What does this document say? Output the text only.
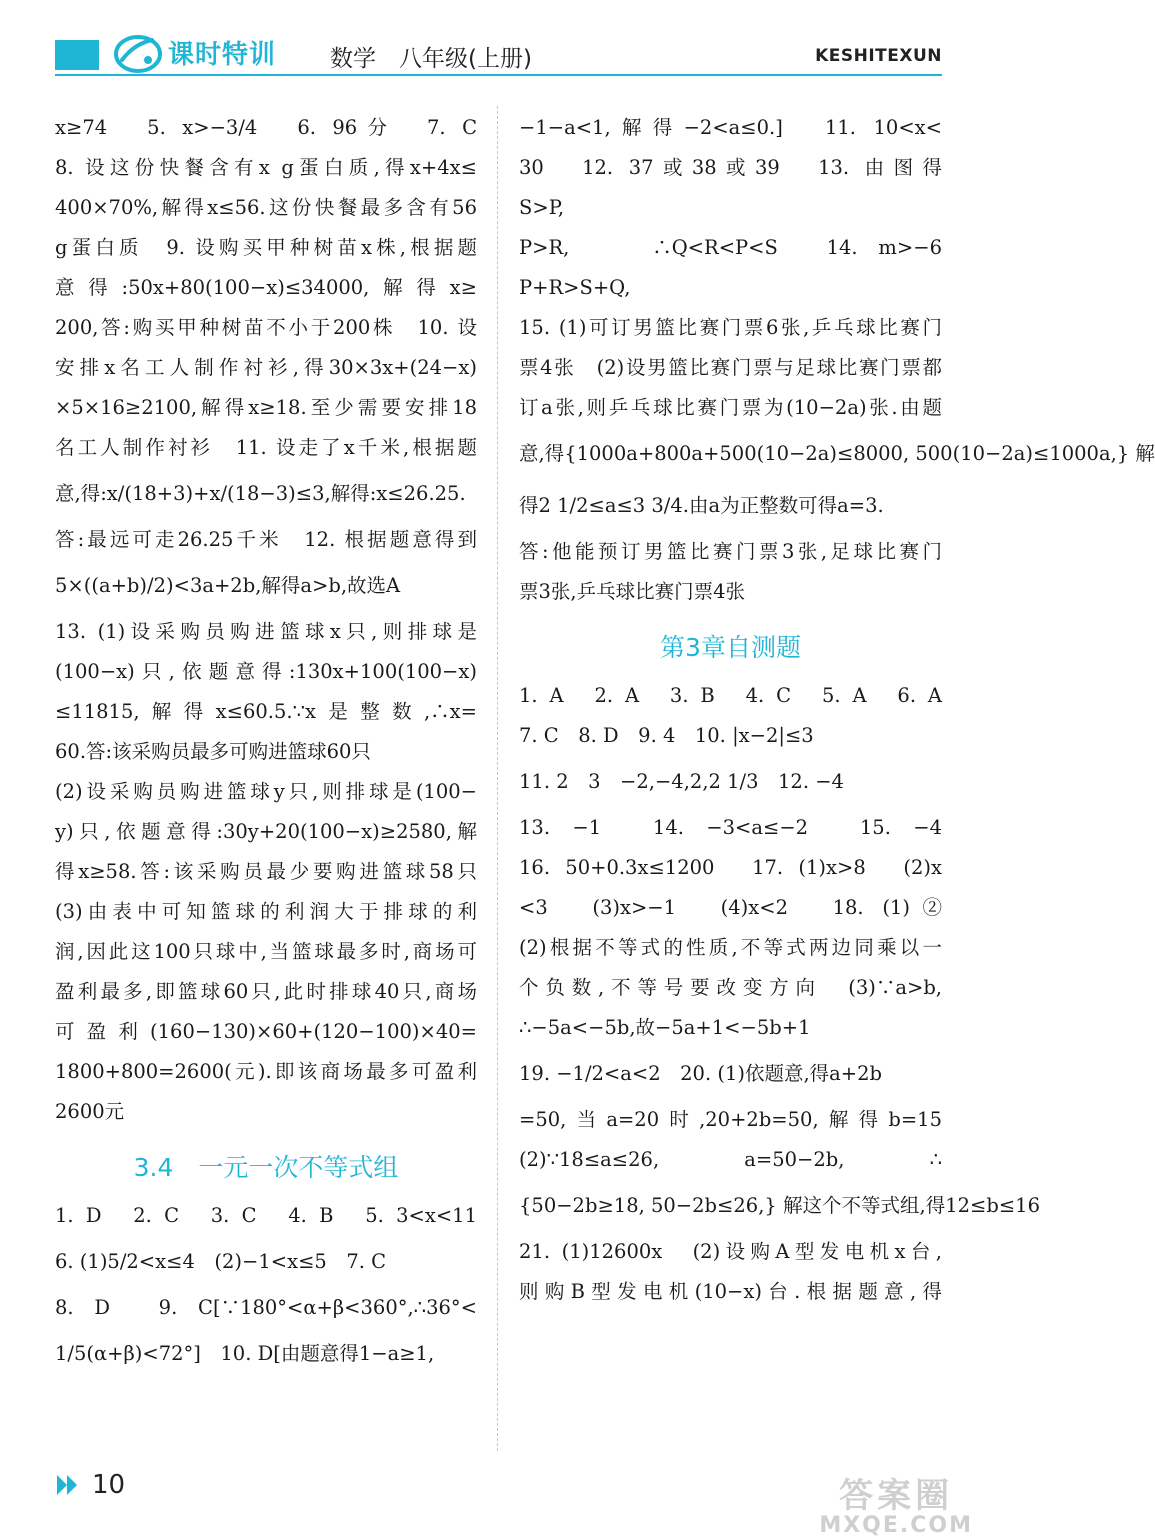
课时特训 数学　八年级(上册)	KESHITEXUN
x≥74　5. x>−3/4　6. 96分　7. C
8. 设这份快餐含有x g蛋白质,得x+4x≤
400×70%,解得x≤56.这份快餐最多含有56
g蛋白质　9. 设购买甲种树苗x株,根据题
意得:50x+80(100−x)≤34000,解得x≥
200,答:购买甲种树苗不小于200株　10. 设
安排x名工人制作衬衫,得30×3x+(24−x)
×5×16≥2100,解得x≥18.至少需要安排18
名工人制作衬衫　11. 设走了x千米,根据题
意,得:x/(18+3)+x/(18−3)≤3,解得:x≤26.25.
答:最远可走26.25千米　12. 根据题意得到
5×((a+b)/2)<3a+2b,解得a>b,故选A
13. (1)设采购员购进篮球x只,则排球是
(100−x)只,依题意得:130x+100(100−x)
≤11815,解得x≤60.5.∵x是整数,∴x=
60.答:该采购员最多可购进篮球60只
(2)设采购员购进篮球y只,则排球是(100−
y)只,依题意得:30y+20(100−x)≥2580,解
得x≥58.答:该采购员最少要购进篮球58只
(3)由表中可知篮球的利润大于排球的利
润,因此这100只球中,当篮球最多时,商场可
盈利最多,即篮球60只,此时排球40只,商场
可盈利(160−130)×60+(120−100)×40=
1800+800=2600(元).即该商场最多可盈利
2600元
3.4　一元一次不等式组
1. D　2. C　3. C　4. B　5. 3<x<11
6. (1)5/2<x≤4　(2)−1<x≤5　7. C
8. D　9. C[∵180°<α+β<360°,∴36°<
1/5(α+β)<72°]　10. D[由题意得1−a≥1,
−1−a<1,解得−2<a≤0.]　11. 10<x<
30　12. 37或38或39　13. 由图得
S>P,
P>R,　　∴Q<R<P<S　14. m>−6
P+R>S+Q,
15. (1)可订男篮比赛门票6张,乒乓球比赛门
票4张　(2)设男篮比赛门票与足球比赛门票都
订a张,则乒乓球比赛门票为(10−2a)张.由题
意,得{1000a+800a+500(10−2a)≤8000, 500(10−2a)≤1000a,} 解
得2 1/2≤a≤3 3/4.由a为正整数可得a=3.
答:他能预订男篮比赛门票3张,足球比赛门
票3张,乒乓球比赛门票4张
第3章自测题
1. A　2. A　3. B　4. C　5. A　6. A
7. C　8. D　9. 4　10. |x−2|≤3
11. 2　3　−2,−4,2,2 1/3　12. −4
13. −1　14. −3<a≤−2　15. −4
16. 50+0.3x≤1200　17. (1)x>8　(2)x
<3　(3)x>−1　(4)x<2　18. (1)②
(2)根据不等式的性质,不等式两边同乘以一
个负数,不等号要改变方向　(3)∵a>b,
∴−5a<−5b,故−5a+1<−5b+1
19. −1/2<a<2　20. (1)依题意,得a+2b
=50,当a=20时,20+2b=50,解得b=15
(2)∵18≤a≤26, a=50−2b, ∴
{50−2b≥18, 50−2b≤26,} 解这个不等式组,得12≤b≤16
21. (1)12600x　(2)设购A型发电机x台,
则购B型发电机(10−x)台.根据题意,得
10	答案圈
MXQE.COM
